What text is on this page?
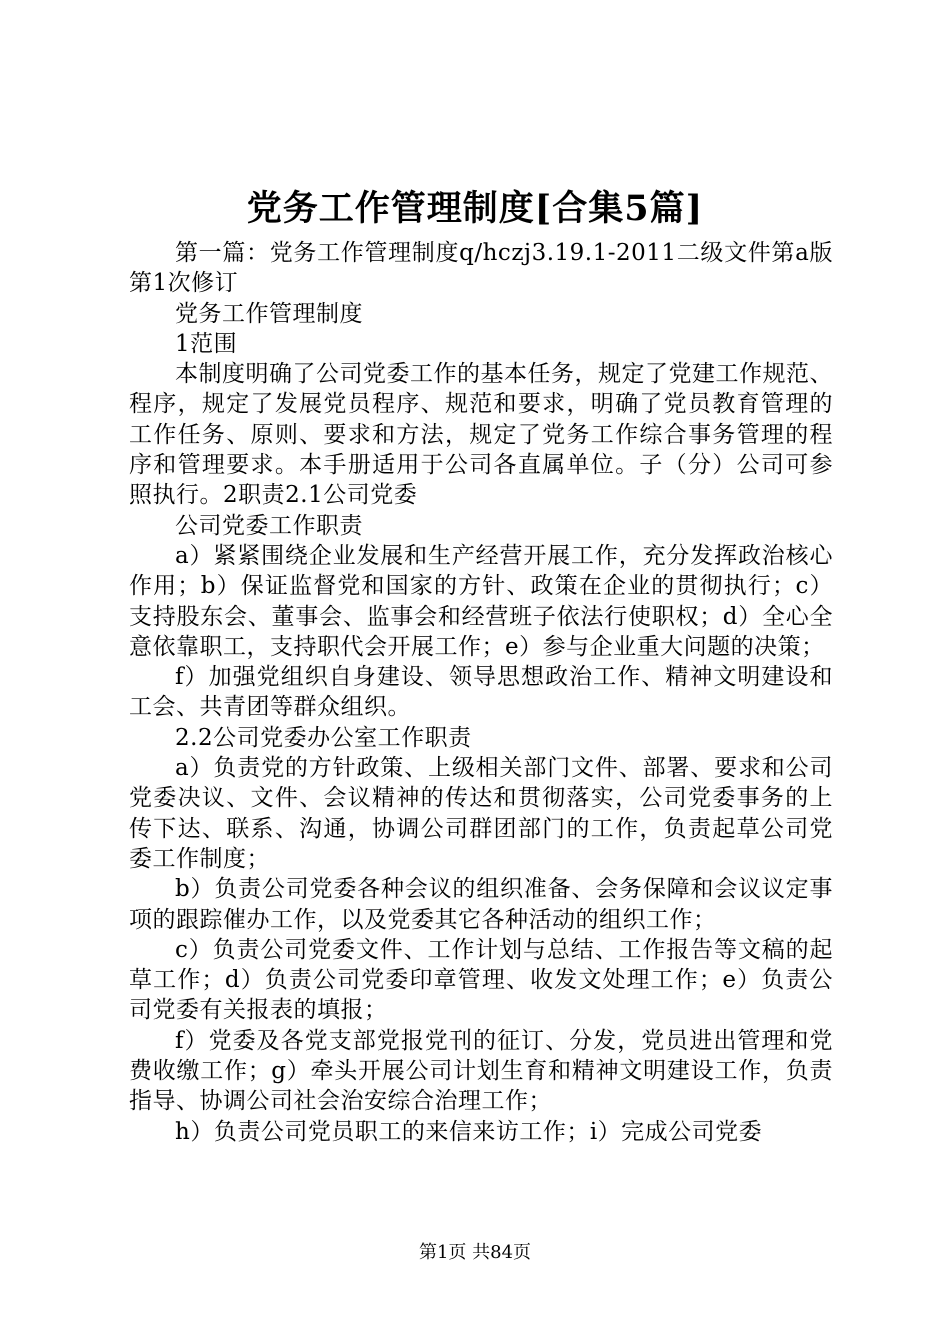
党务工作管理制度[合集5篇]

第一篇：党务工作管理制度q/hczj3.19.1-2011二级文件第a版第1次修订

党务工作管理制度

1范围

本制度明确了公司党委工作的基本任务，规定了党建工作规范、程序，规定了发展党员程序、规范和要求，明确了党员教育管理的工作任务、原则、要求和方法，规定了党务工作综合事务管理的程序和管理要求。本手册适用于公司各直属单位。子（分）公司可参照执行。2职责2.1公司党委

公司党委工作职责

a）紧紧围绕企业发展和生产经营开展工作，充分发挥政治核心作用；b）保证监督党和国家的方针、政策在企业的贯彻执行；c）支持股东会、董事会、监事会和经营班子依法行使职权；d）全心全意依靠职工，支持职代会开展工作；e）参与企业重大问题的决策；

f）加强党组织自身建设、领导思想政治工作、精神文明建设和工会、共青团等群众组织。

2.2公司党委办公室工作职责

a）负责党的方针政策、上级相关部门文件、部署、要求和公司党委决议、文件、会议精神的传达和贯彻落实，公司党委事务的上传下达、联系、沟通，协调公司群团部门的工作，负责起草公司党委工作制度；

b）负责公司党委各种会议的组织准备、会务保障和会议议定事项的跟踪催办工作，以及党委其它各种活动的组织工作；

c）负责公司党委文件、工作计划与总结、工作报告等文稿的起草工作；d）负责公司党委印章管理、收发文处理工作；e）负责公司党委有关报表的填报；

f）党委及各党支部党报党刊的征订、分发，党员进出管理和党费收缴工作；g）牵头开展公司计划生育和精神文明建设工作，负责指导、协调公司社会治安综合治理工作；

h）负责公司党员职工的来信来访工作；i）完成公司党委

第1页 共84页
